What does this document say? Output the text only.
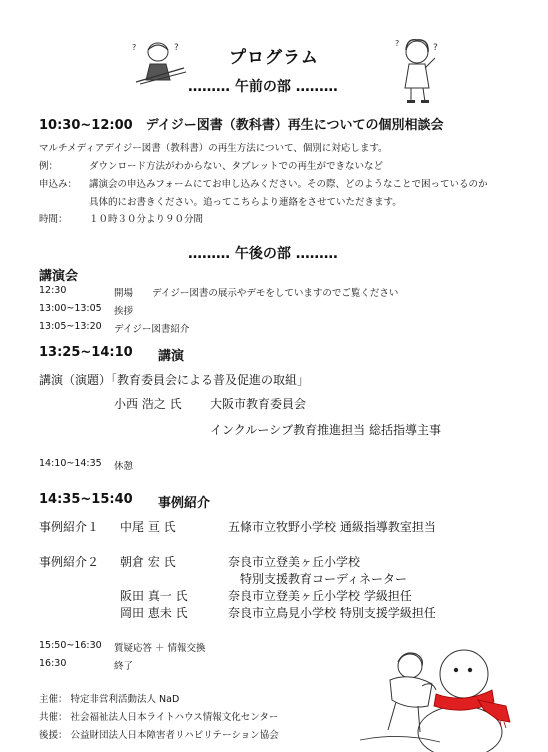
プログラム
?
?	?
?
……… 午前の部 ………
10:30~12:00　デイジー図書（教科書）再生についての個別相談会
マルチメディアデイジー図書（教科書）の再生方法について、個別に対応します。
例：	ダウンロード方法がわからない、タブレットでの再生ができないなど
申込み： 講演会の申込みフォームにてお申し込みください。その際、どのようなことで困っているのか
具体的にお書きください。追ってこちらより連絡をさせていただきます。
時間： １０時３０分より９０分間
……… 午後の部 ………
講演会
12:30	開場　　デイジー図書の展示やデモをしていますのでご覧ください
13:00~13:05 挨拶
13:05~13:20 デイジー図書紹介
13:25~14:10 講演
講演（演題）「教育委員会による普及促進の取組」
小西 浩之 氏 大阪市教育委員会
インクルーシブ教育推進担当 総括指導主事
14:10~14:35 休憩
14:35~15:40 事例紹介
事例紹介１ 中尾 亘 氏	五條市立牧野小学校 通級指導教室担当
事例紹介２ 朝倉 宏 氏	奈良市立登美ヶ丘小学校
特別支援教育コーディネーター
阪田 真一 氏	奈良市立登美ヶ丘小学校 学級担任
岡田 恵未 氏	奈良市立鳥見小学校 特別支援学級担任
15:50~16:30 質疑応答 ＋ 情報交換
16:30	終了
主催： 特定非営利活動法人 NaD
共催： 社会福祉法人日本ライトハウス情報文化センター
後援： 公益財団法人日本障害者リハビリテーション協会
